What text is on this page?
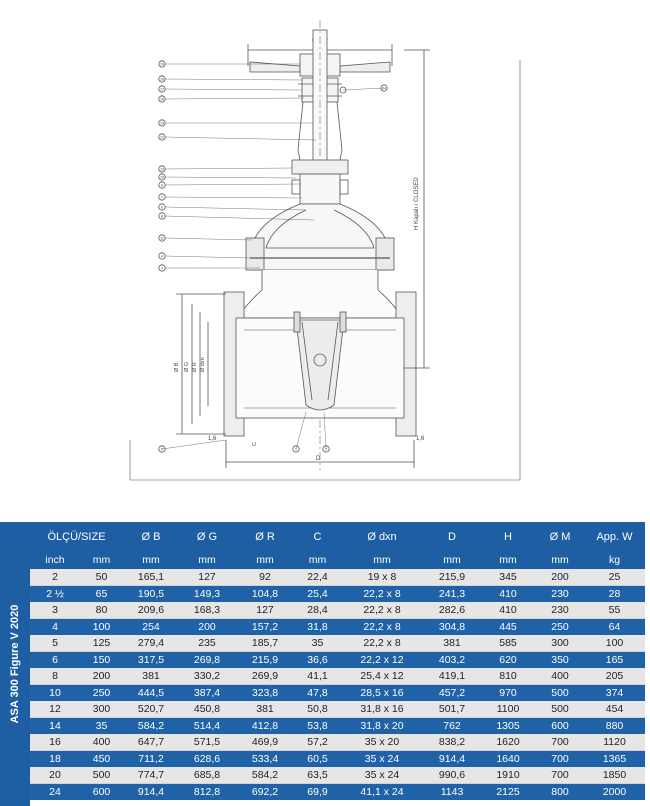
H Kapalı / CLOSED
Ø B Ø G Ø R Ø dxn
D
C
1,6	1,6
19
18
17
16
15
12
13
10
9
7
6
8
11
4
3
5	1	2
14
ASA 300 Figure V 2020
ÖLÇÜ/SIZE		Ø B	Ø G	Ø R	C	Ø dxn	D	H	Ø M	App. W
inch	mm	mm	mm	mm	mm	mm	mm	mm	mm	kg
2	50	165,1	127	92	22,4	19 x 8	215,9	345	200	25
2 ½	65	190,5	149,3	104,8	25,4	22,2 x 8	241,3	410	230	28
3	80	209,6	168,3	127	28,4	22,2 x 8	282,6	410	230	55
4	100	254	200	157,2	31,8	22,2 x 8	304,8	445	250	64
5	125	279,4	235	185,7	35	22,2 x 8	381	585	300	100
6	150	317,5	269,8	215,9	36,6	22,2 x 12	403,2	620	350	165
8	200	381	330,2	269,9	41,1	25,4 x 12	419,1	810	400	205
10	250	444,5	387,4	323,8	47,8	28,5 x 16	457,2	970	500	374
12	300	520,7	450,8	381	50,8	31,8 x 16	501,7	1100	500	454
14	35	584,2	514,4	412,8	53,8	31,8 x 20	762	1305	600	880
16	400	647,7	571,5	469,9	57,2	35 x 20	838,2	1620	700	1120
18	450	711,2	628,6	533,4	60,5	35 x 24	914,4	1640	700	1365
20	500	774,7	685,8	584,2	63,5	35 x 24	990,6	1910	700	1850
24	600	914,4	812,8	692,2	69,9	41,1 x 24	1143	2125	800	2000
